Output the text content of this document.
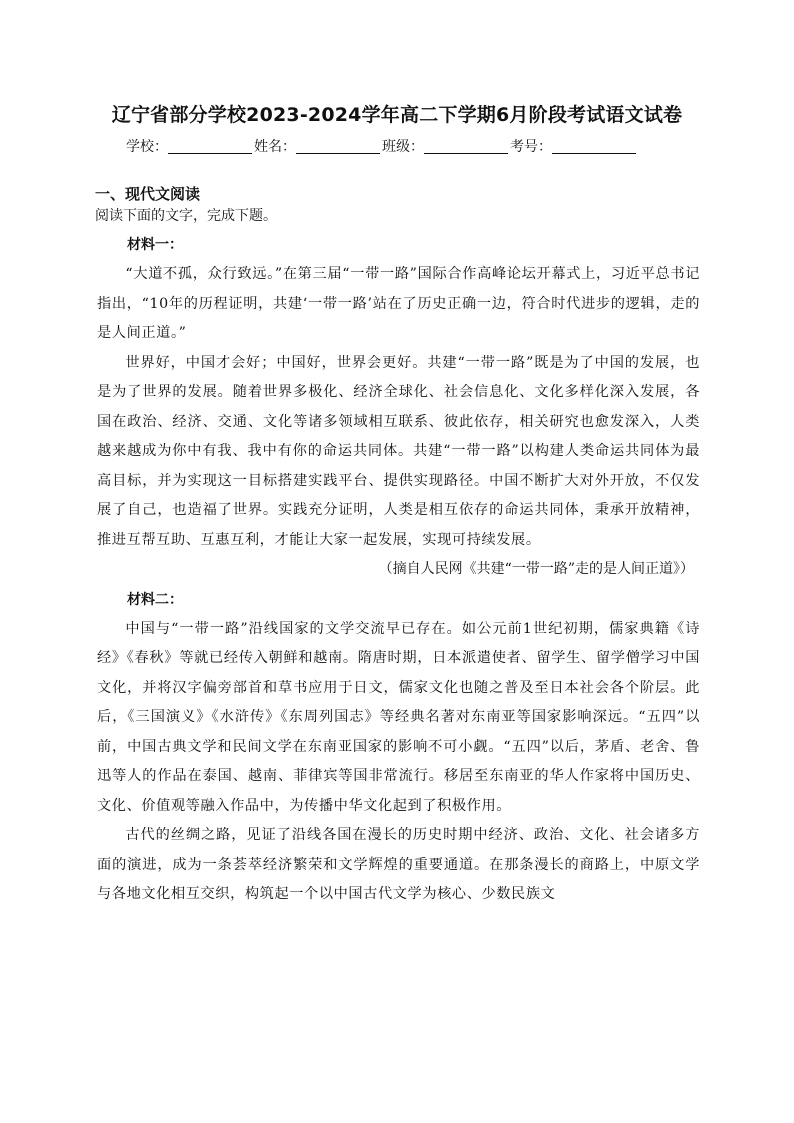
辽宁省部分学校2023-2024学年高二下学期6月阶段考试语文试卷
学校：	姓名：	班级：	考号：
一、现代文阅读

阅读下面的文字，完成下题。

材料一：

“大道不孤，众行致远。”在第三届“一带一路”国际合作高峰论坛开幕式上，习近平总书记指出，“10年的历程证明，共建‘一带一路’站在了历史正确一边，符合时代进步的逻辑，走的是人间正道。”

世界好，中国才会好；中国好，世界会更好。共建“一带一路”既是为了中国的发展，也是为了世界的发展。随着世界多极化、经济全球化、社会信息化、文化多样化深入发展，各国在政治、经济、交通、文化等诸多领域相互联系、彼此依存，相关研究也愈发深入，人类越来越成为你中有我、我中有你的命运共同体。共建“一带一路”以构建人类命运共同体为最高目标，并为实现这一目标搭建实践平台、提供实现路径。中国不断扩大对外开放，不仅发展了自己，也造福了世界。实践充分证明，人类是相互依存的命运共同体，秉承开放精神，推进互帮互助、互惠互利，才能让大家一起发展，实现可持续发展。

（摘自人民网《共建“一带一路”走的是人间正道》）

材料二：

中国与“一带一路”沿线国家的文学交流早已存在。如公元前1世纪初期，儒家典籍《诗经》《春秋》等就已经传入朝鲜和越南。隋唐时期，日本派遣使者、留学生、留学僧学习中国文化，并将汉字偏旁部首和草书应用于日文，儒家文化也随之普及至日本社会各个阶层。此后，《三国演义》《水浒传》《东周列国志》等经典名著对东南亚等国家影响深远。“五四”以前，中国古典文学和民间文学在东南亚国家的影响不可小觑。“五四”以后，茅盾、老舍、鲁迅等人的作品在泰国、越南、菲律宾等国非常流行。移居至东南亚的华人作家将中国历史、文化、价值观等融入作品中，为传播中华文化起到了积极作用。

古代的丝绸之路，见证了沿线各国在漫长的历史时期中经济、政治、文化、社会诸多方面的演进，成为一条荟萃经济繁荣和文学辉煌的重要通道。在那条漫长的商路上，中原文学与各地文化相互交织，构筑起一个以中国古代文学为核心、少数民族文
